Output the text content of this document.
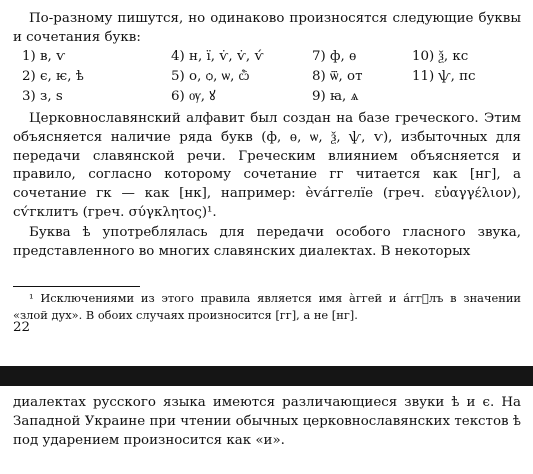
По-разному пишутся, но одинаково произносятся следующие буквы и сочетания букв:

1) в, ѵ	4) н, ї, ѵ̇, ѵ̇, ѵ́	7) ф, ѳ	10) ѯ, кс
2) є, ѥ, ѣ	5) о, ѻ, ѡ, ѽ	8) ѿ, от	11) ѱ, пс
3) з, ѕ	6) ѹ, ꙋ	9) ꙗ, ѧ

Церковнославянский алфавит был создан на базе греческого. Этим объясняется наличие ряда букв (ф, ѳ, ѡ, ѯ, ѱ, ѵ), избыточных для передачи славянской речи. Греческим влиянием объясняется и правило, согласно которому сочетание гг читается как [нг], а сочетание гк — как [нк], например: ѐѵа́ггелїе (греч. εὐαγγέλιον), сѵ́гклитъ (греч. σύγκλητος)¹.

Буква ѣ употреблялась для передачи особого гласного звука, представленного во многих славянских диалектах. В некоторых

¹ Исключениями из этого правила является имя а̀ггей и а́гг꙽лъ в значении «злой дух». В обоих случаях произносится [гг], а не [нг].

22

диалектах русского языка имеются различающиеся звуки ѣ и є. На Западной Украине при чтении обычных церковнославянских текстов ѣ под ударением произносится как «и».
